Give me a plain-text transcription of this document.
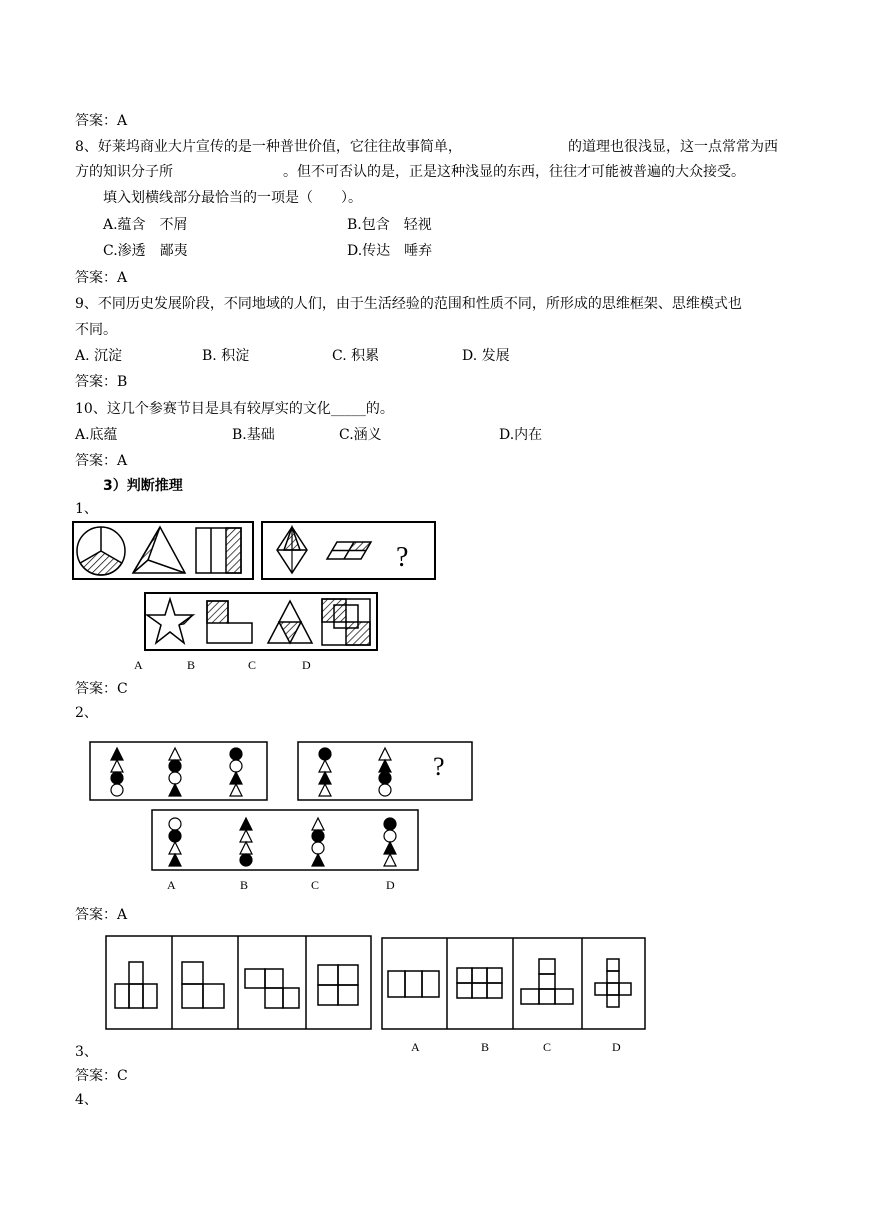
答案：A
8、好莱坞商业大片宣传的是一种普世价值，它往往故事简单，	的道理也很浅显，这一点常常为西
方的知识分子所	。但不可否认的是，正是这种浅显的东西，往往才可能被普遍的大众接受。
填入划横线部分最恰当的一项是（　　）。
A.蕴含　不屑	B.包含　轻视
C.渗透　鄙夷	D.传达　唾弃
答案：A
9、不同历史发展阶段，不同地域的人们，由于生活经验的范围和性质不同，所形成的思维框架、思维模式也
不同。
A. 沉淀	B. 积淀	C. 积累	D. 发展
答案：B
10、这几个参赛节目是具有较厚实的文化_____的。
A.底蕴	B.基础	C.涵义	D.内在
答案：A
3）判断推理
1、
?
A	B	C	D
答案：C
2、
?
A	B	C	D
答案：A
A	B	C	D
3、
答案：C
4、
